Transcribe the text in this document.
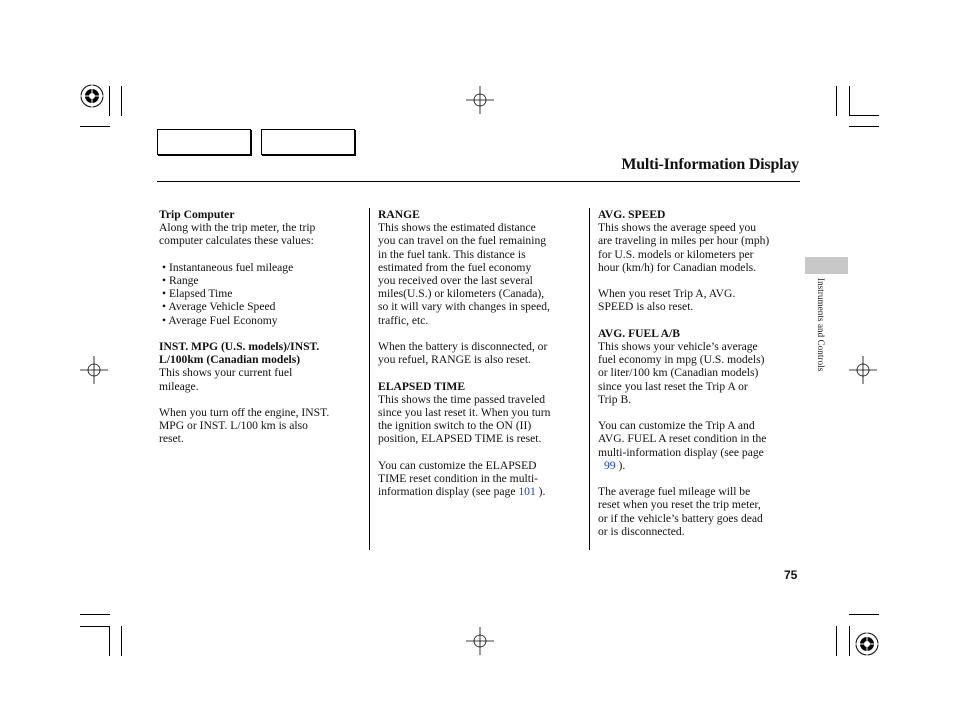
Multi-Information Display

Trip Computer

Along with the trip meter, the trip

computer calculates these values:

• Instantaneous fuel mileage

• Range

• Elapsed Time

• Average Vehicle Speed

• Average Fuel Economy

INST. MPG (U.S. models)/INST.

L/100km (Canadian models)

This shows your current fuel

mileage.

When you turn off the engine, INST.

MPG or INST. L/100 km is also

reset.

RANGE

This shows the estimated distance

you can travel on the fuel remaining

in the fuel tank. This distance is

estimated from the fuel economy

you received over the last several

miles(U.S.) or kilometers (Canada),

so it will vary with changes in speed,

traffic, etc.

When the battery is disconnected, or

you refuel, RANGE is also reset.

ELAPSED TIME

This shows the time passed traveled

since you last reset it. When you turn

the ignition switch to the ON (II)

position, ELAPSED TIME is reset.

You can customize the ELAPSED

TIME reset condition in the multi-

information display (see page 101 ).

AVG. SPEED

This shows the average speed you

are traveling in miles per hour (mph)

for U.S. models or kilometers per

hour (km/h) for Canadian models.

When you reset Trip A, AVG.

SPEED is also reset.

AVG. FUEL A/B

This shows your vehicle’s average

fuel economy in mpg (U.S. models)

or liter/100 km (Canadian models)

since you last reset the Trip A or

Trip B.

You can customize the Trip A and

AVG. FUEL A reset condition in the

multi-information display (see page

99 ).

The average fuel mileage will be

reset when you reset the trip meter,

or if the vehicle’s battery goes dead

or is disconnected.

Instruments and Controls
75
